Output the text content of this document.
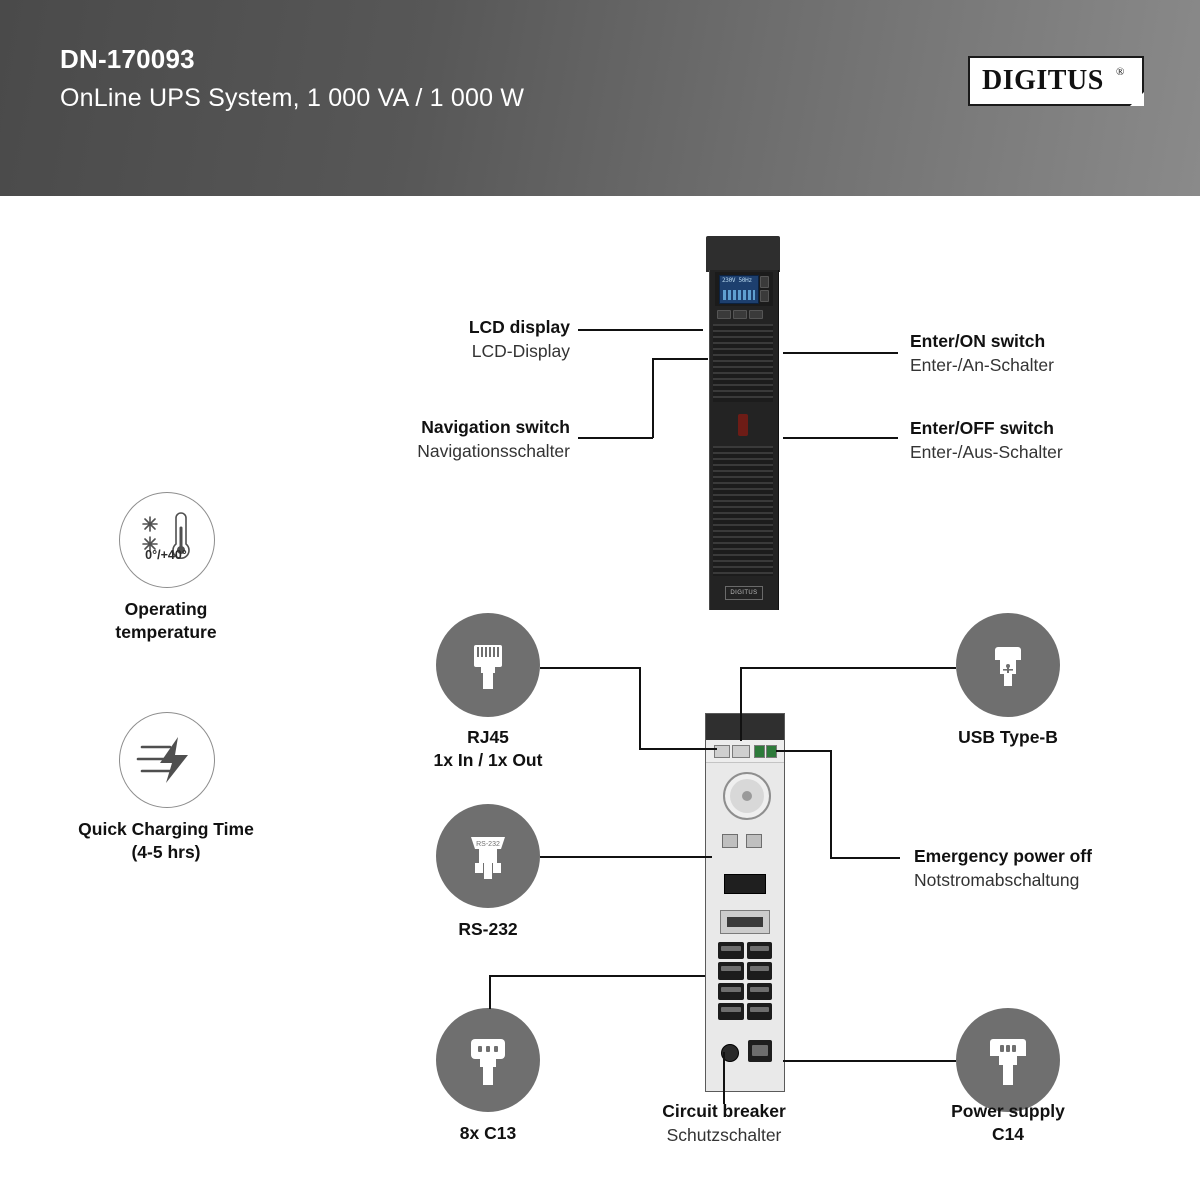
DN-170093
OnLine UPS System, 1 000 VA / 1 000 W
DIGITUS ®
230V 50Hz
DIGITUS
LCD display
LCD-Display
Navigation switch
Navigationsschalter
Enter/ON switch
Enter-/An-Schalter
Enter/OFF switch
Enter-/Aus-Schalter
0°/+40°
Operating
temperature
Quick Charging Time
(4-5 hrs)
RJ45
1x In / 1x Out
USB Type-B
RS-232
RS-232
8x C13
Power supply
C14
Emergency power off
Notstromabschaltung
Circuit breaker
Schutzschalter
